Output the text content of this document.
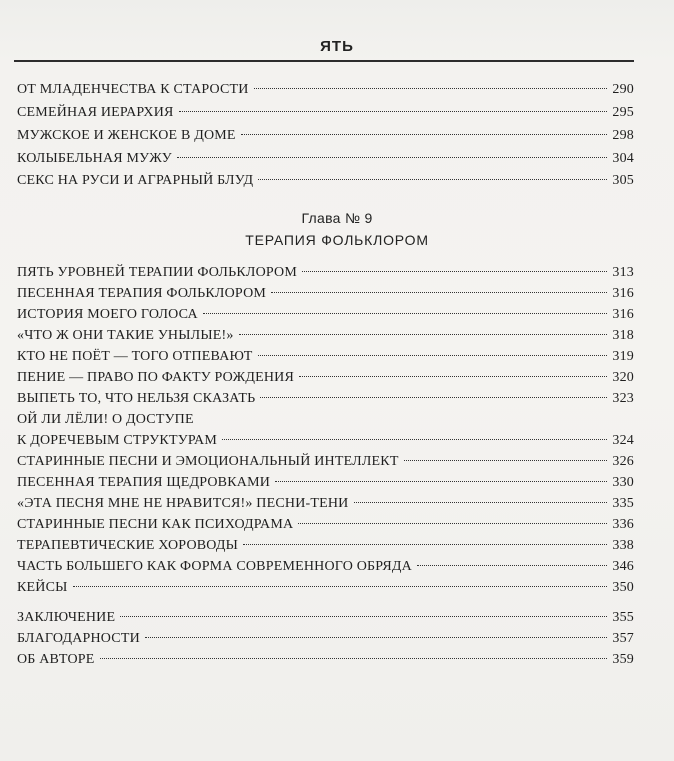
ЯТЬ
ОТ МЛАДЕНЧЕСТВА К СТАРОСТИ	290
СЕМЕЙНАЯ ИЕРАРХИЯ	295
МУЖСКОЕ И ЖЕНСКОЕ В ДОМЕ	298
КОЛЫБЕЛЬНАЯ МУЖУ	304
СЕКС НА РУСИ И АГРАРНЫЙ БЛУД	305
Глава № 9
ТЕРАПИЯ ФОЛЬКЛОРОМ
ПЯТЬ УРОВНЕЙ ТЕРАПИИ ФОЛЬКЛОРОМ	313
ПЕСЕННАЯ ТЕРАПИЯ ФОЛЬКЛОРОМ	316
ИСТОРИЯ МОЕГО ГОЛОСА	316
«ЧТО Ж ОНИ ТАКИЕ УНЫЛЫЕ!»	318
КТО НЕ ПОЁТ — ТОГО ОТПЕВАЮТ	319
ПЕНИЕ — ПРАВО ПО ФАКТУ РОЖДЕНИЯ	320
ВЫПЕТЬ ТО, ЧТО НЕЛЬЗЯ СКАЗАТЬ	323
ОЙ ЛИ ЛЁЛИ! О ДОСТУПЕ
К ДОРЕЧЕВЫМ СТРУКТУРАМ	324
СТАРИННЫЕ ПЕСНИ И ЭМОЦИОНАЛЬНЫЙ ИНТЕЛЛЕКТ	326
ПЕСЕННАЯ ТЕРАПИЯ ЩЕДРОВКАМИ	330
«ЭТА ПЕСНЯ МНЕ НЕ НРАВИТСЯ!» ПЕСНИ-ТЕНИ	335
СТАРИННЫЕ ПЕСНИ КАК ПСИХОДРАМА	336
ТЕРАПЕВТИЧЕСКИЕ ХОРОВОДЫ	338
ЧАСТЬ БОЛЬШЕГО КАК ФОРМА СОВРЕМЕННОГО ОБРЯДА	346
КЕЙСЫ	350
ЗАКЛЮЧЕНИЕ	355
БЛАГОДАРНОСТИ	357
ОБ АВТОРЕ	359
